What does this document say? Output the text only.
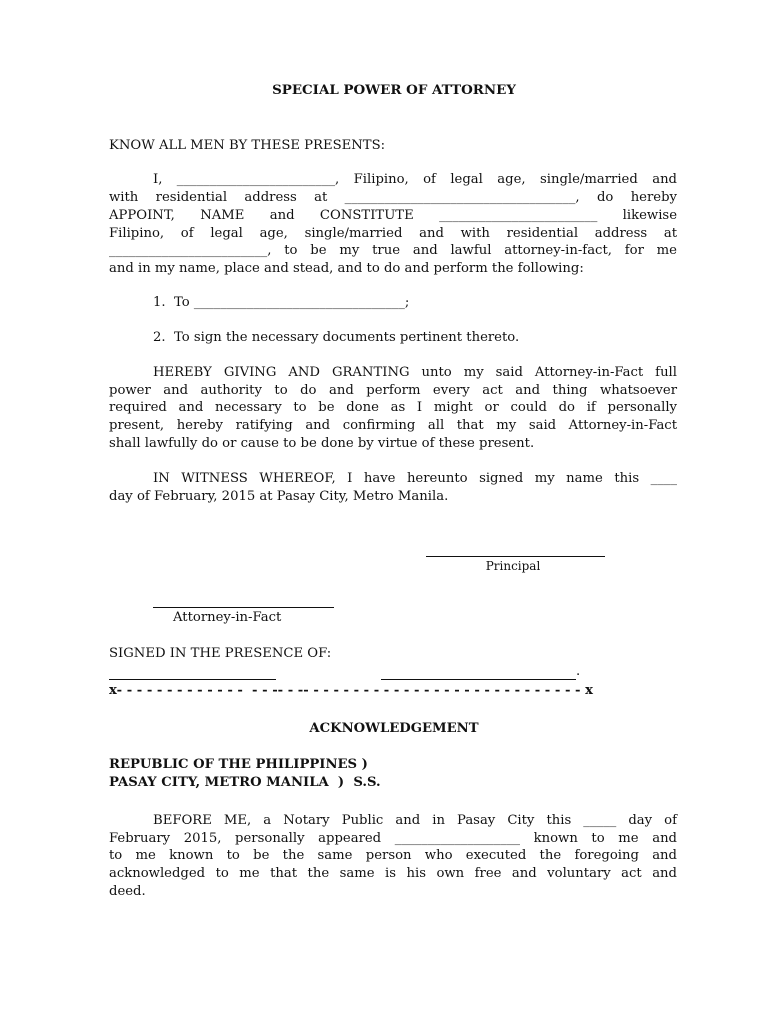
SPECIAL POWER OF ATTORNEY
KNOW ALL MEN BY THESE PRESENTS:
I, ________________________, Filipino, of legal age, single/married and
with residential address at ___________________________________, do hereby
APPOINT, NAME and CONSTITUTE ________________________ likewise
Filipino, of legal age, single/married and with residential address at
________________________, to be my true and lawful attorney-in-fact, for me
and in my name, place and stead, and to do and perform the following:
1.  To ________________________________;
2.  To sign the necessary documents pertinent thereto.
HEREBY GIVING AND GRANTING unto my said Attorney-in-Fact full
power and authority to do and perform every act and thing whatsoever
required and necessary to be done as I might or could do if personally
present, hereby ratifying and confirming all that my said Attorney-in-Fact
shall lawfully do or cause to be done by virtue of these present.
IN WITNESS WHEREOF, I have hereunto signed my name this ____
day of February, 2015 at Pasay City, Metro Manila.
Principal
Attorney-in-Fact
SIGNED IN THE PRESENCE OF:
.
x- - - - - - - - - - - - -  - - -- - -- - - - - - - - - - - - - - - - - - - - - - - - - - - - x
ACKNOWLEDGEMENT
REPUBLIC OF THE PHILIPPINES )
PASAY CITY, METRO MANILA  )  S.S.
BEFORE ME, a Notary Public and in Pasay City this _____ day of
February 2015, personally appeared ___________________ known to me and
to me known to be the same person who executed the foregoing and
acknowledged to me that the same is his own free and voluntary act and
deed.
